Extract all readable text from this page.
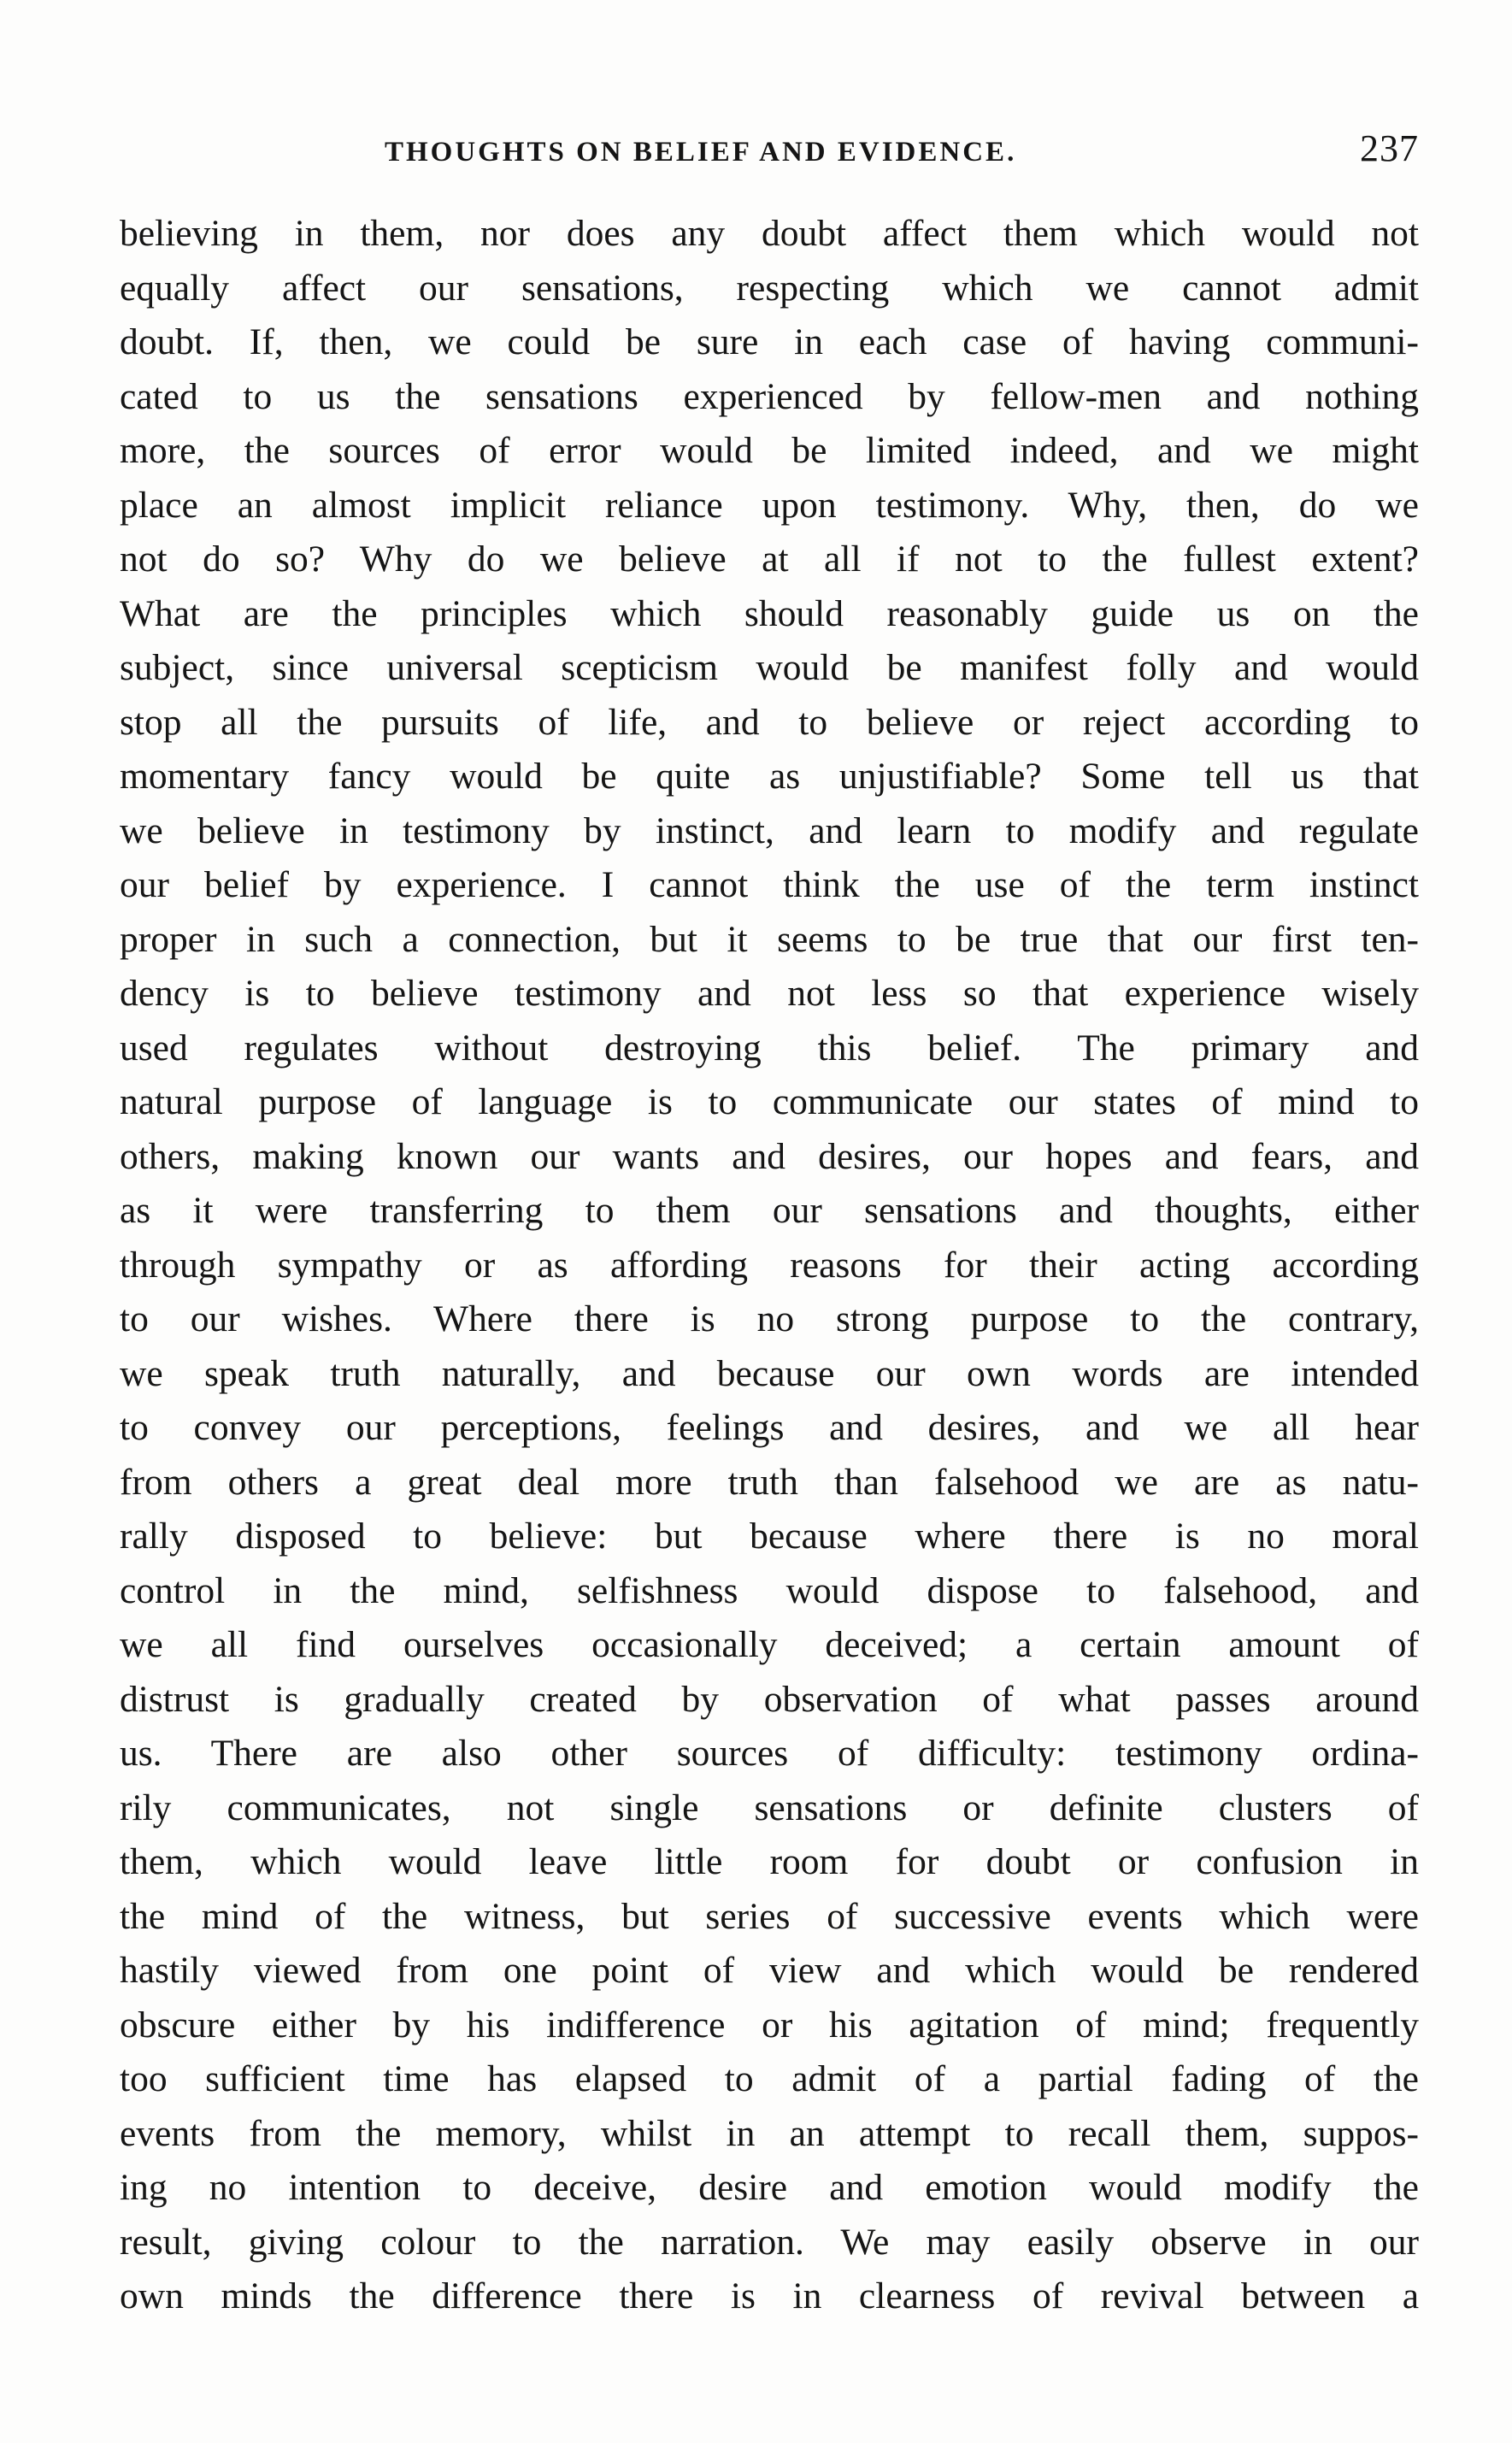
THOUGHTS ON BELIEF AND EVIDENCE.	237
believing in them, nor does any doubt affect them which would not
equally affect our sensations, respecting which we cannot admit
doubt. If, then, we could be sure in each case of having communi-
cated to us the sensations experienced by fellow-men and nothing
more, the sources of error would be limited indeed, and we might
place an almost implicit reliance upon testimony. Why, then, do we
not do so? Why do we believe at all if not to the fullest extent?
What are the principles which should reasonably guide us on the
subject, since universal scepticism would be manifest folly and would
stop all the pursuits of life, and to believe or reject according to
momentary fancy would be quite as unjustifiable? Some tell us that
we believe in testimony by instinct, and learn to modify and regulate
our belief by experience. I cannot think the use of the term instinct
proper in such a connection, but it seems to be true that our first ten-
dency is to believe testimony and not less so that experience wisely
used regulates without destroying this belief. The primary and
natural purpose of language is to communicate our states of mind to
others, making known our wants and desires, our hopes and fears, and
as it were transferring to them our sensations and thoughts, either
through sympathy or as affording reasons for their acting according
to our wishes. Where there is no strong purpose to the contrary,
we speak truth naturally, and because our own words are intended
to convey our perceptions, feelings and desires, and we all hear
from others a great deal more truth than falsehood we are as natu-
rally disposed to believe: but because where there is no moral
control in the mind, selfishness would dispose to falsehood, and
we all find ourselves occasionally deceived; a certain amount of
distrust is gradually created by observation of what passes around
us. There are also other sources of difficulty: testimony ordina-
rily communicates, not single sensations or definite clusters of
them, which would leave little room for doubt or confusion in
the mind of the witness, but series of successive events which were
hastily viewed from one point of view and which would be rendered
obscure either by his indifference or his agitation of mind; frequently
too sufficient time has elapsed to admit of a partial fading of the
events from the memory, whilst in an attempt to recall them, suppos-
ing no intention to deceive, desire and emotion would modify the
result, giving colour to the narration. We may easily observe in our
own minds the difference there is in clearness of revival between a
